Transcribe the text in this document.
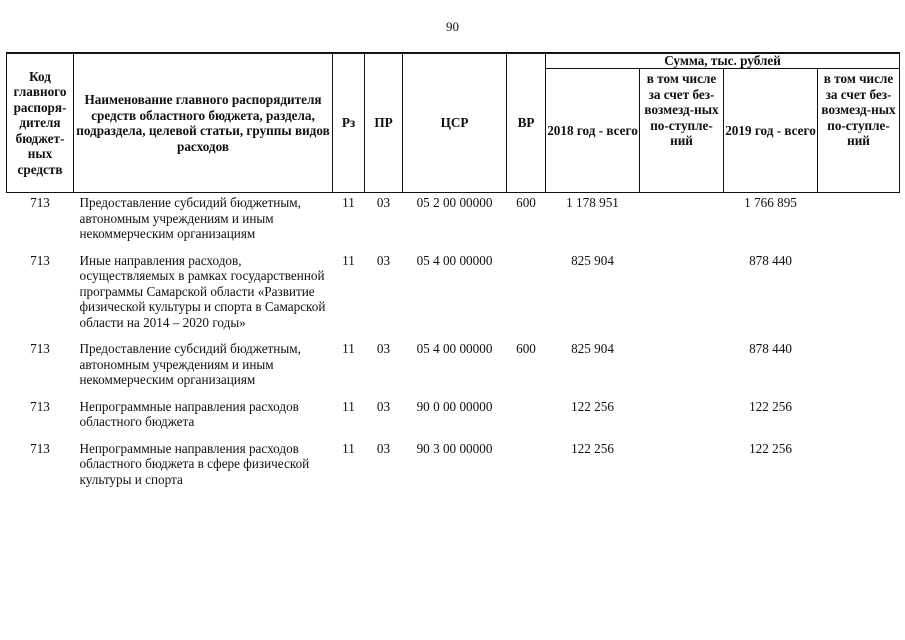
90
Код главного распоря-дителя бюджет-ных средств	Наименование главного распорядителя средств областного бюджета, раздела, подраздела, целевой статьи, группы видов расходов	Рз	ПР	ЦСР	ВР	Сумма, тыс. рублей			
						2018 год - всего	в том числе за счет без-возмезд-ных по-ступле-ний	2019 год - всего	в том числе за счет без-возмезд-ных по-ступле-ний
713	Предоставление субсидий бюджетным, автономным учреждениям и иным некоммерческим организациям	11	03	05 2 00 00000	600	1 178 951		1 766 895	
713	Иные направления расходов, осуществляемых в рамках государственной программы Самарской области «Развитие физической культуры и спорта в Самарской области на 2014 – 2020 годы»	11	03	05 4 00 00000		825 904		878 440	
713	Предоставление субсидий бюджетным, автономным учреждениям и иным некоммерческим организациям	11	03	05 4 00 00000	600	825 904		878 440	
713	Непрограммные направления расходов областного бюджета	11	03	90 0 00 00000		122 256		122 256	
713	Непрограммные направления расходов областного бюджета в сфере физической культуры и спорта	11	03	90 3 00 00000		122 256		122 256	
